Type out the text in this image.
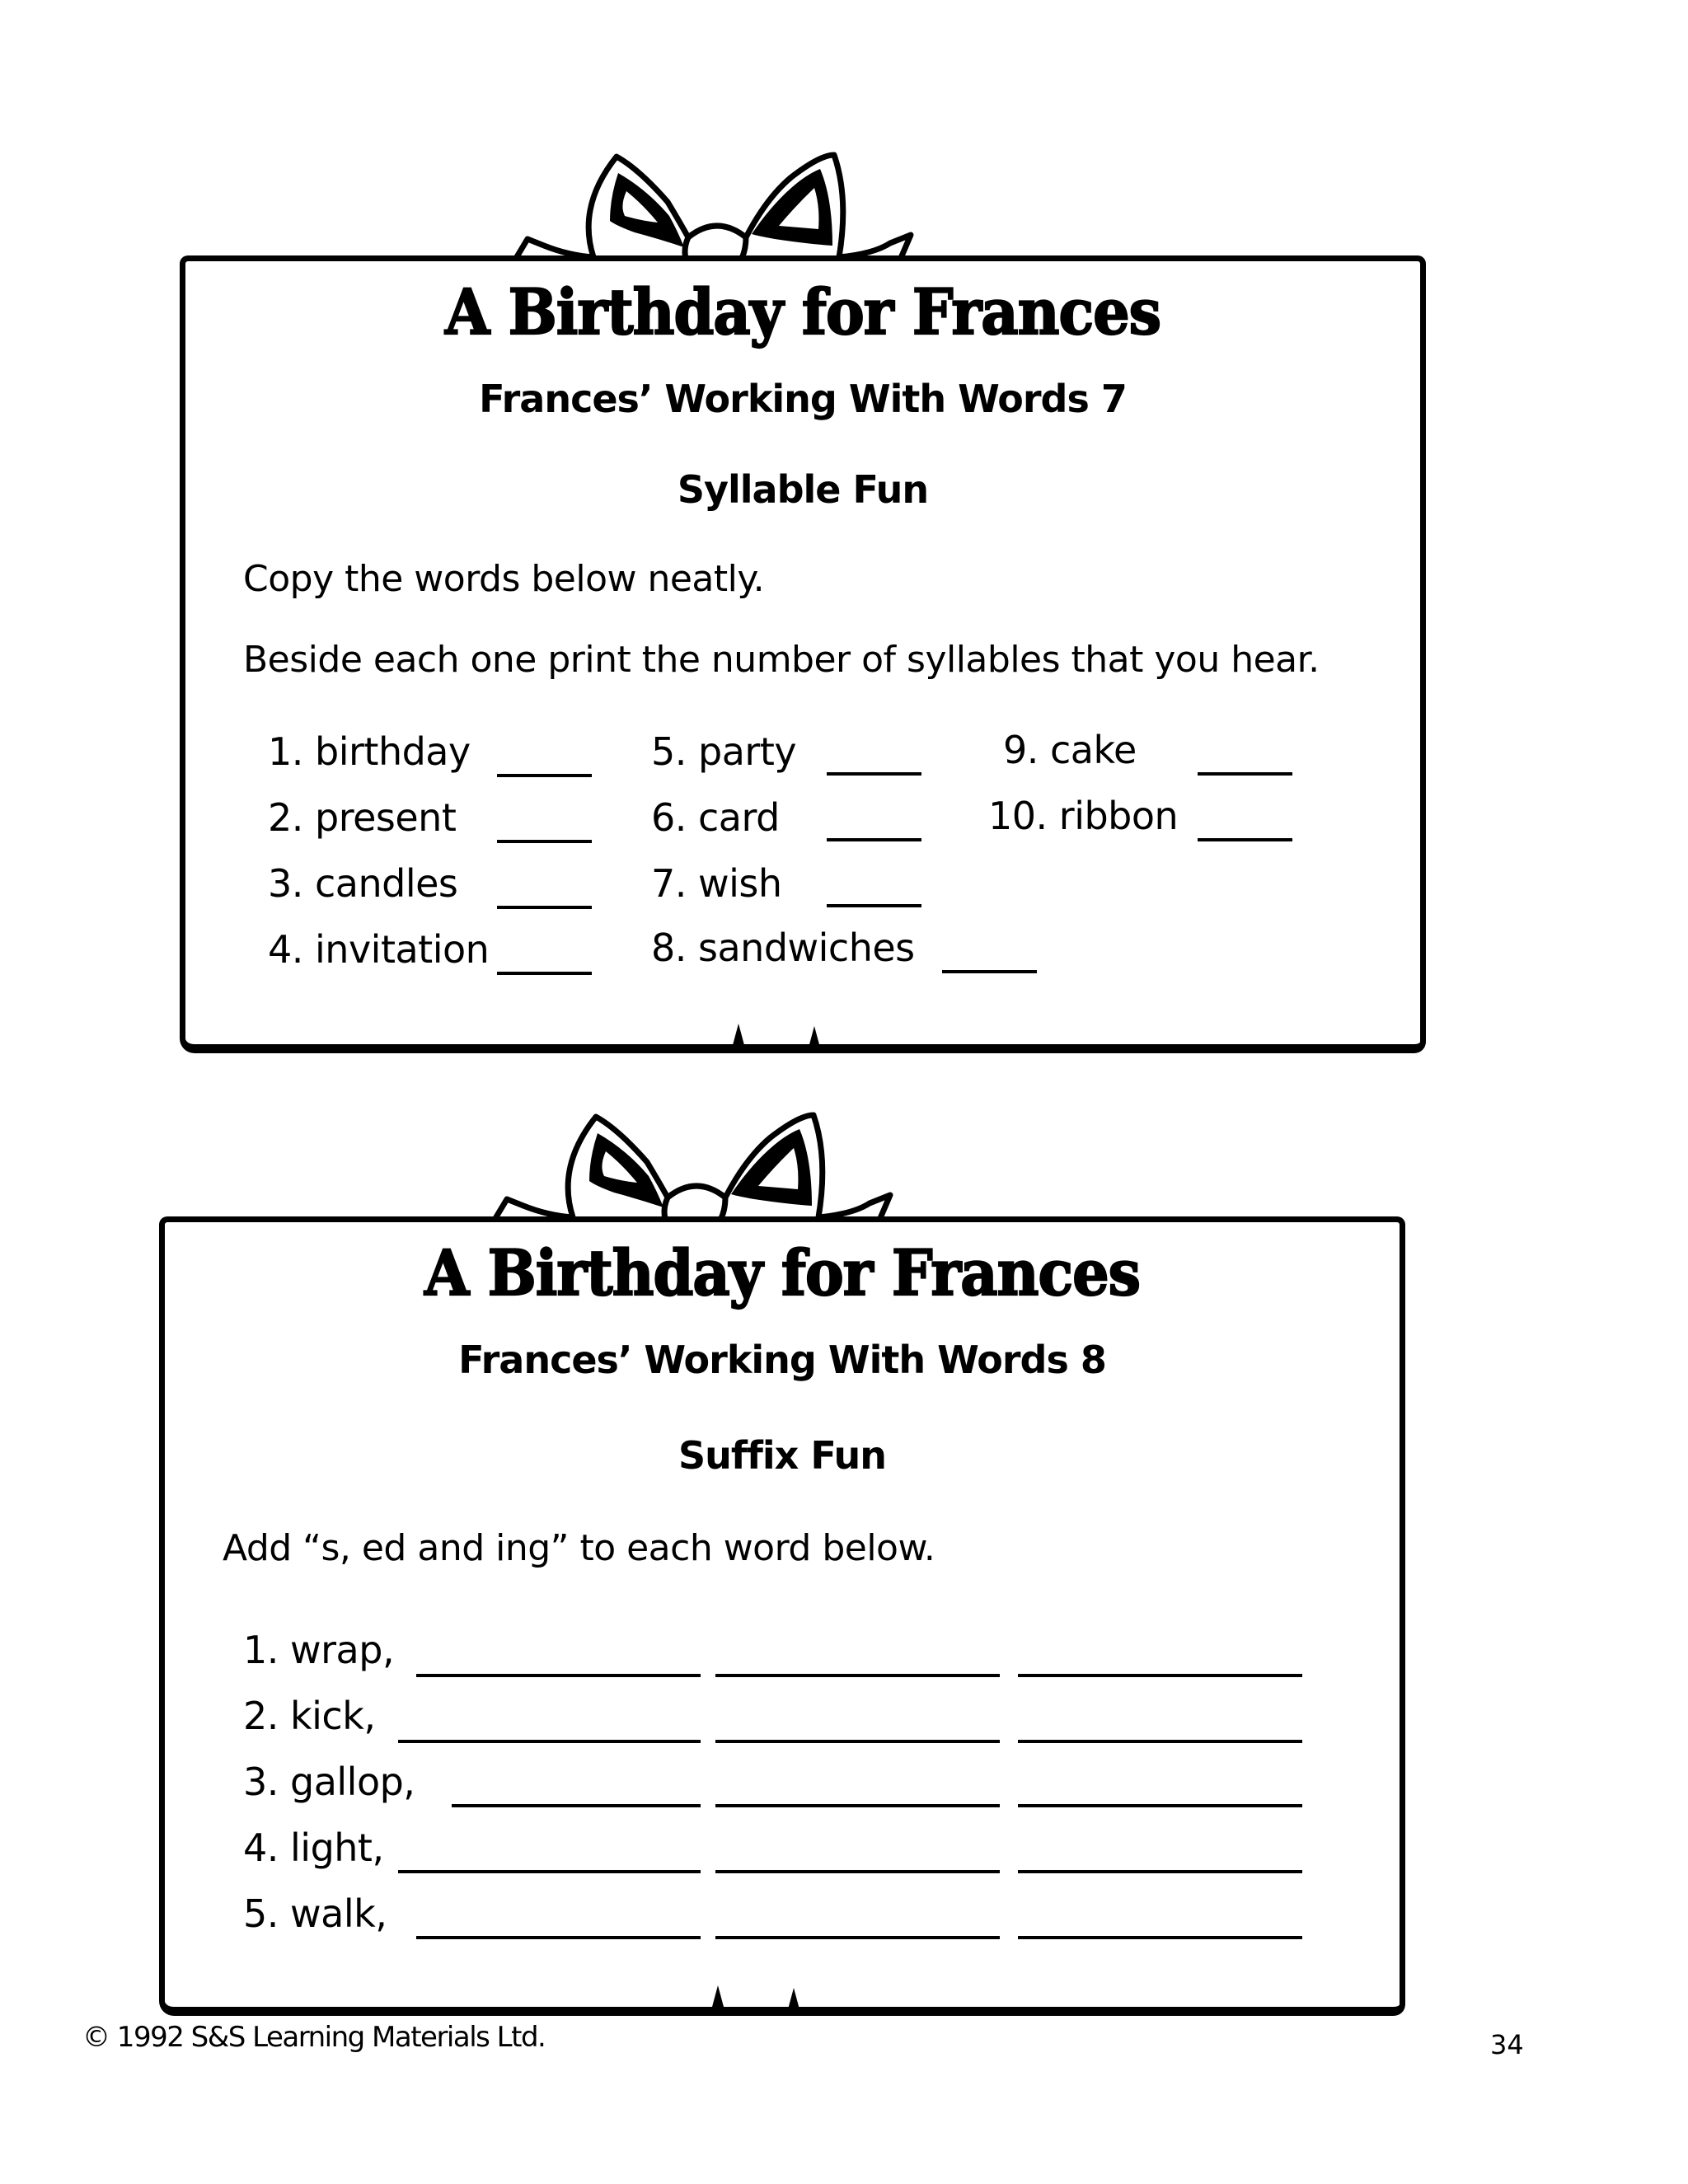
A Birthday for Frances
Frances’ Working With Words 7
Syllable Fun
Copy the words below neatly.
Beside each one print the number of syllables that you hear.
1. birthday
2. present
3. candles
4. invitation
5. party
6. card
7. wish
8. sandwiches
9. cake
10. ribbon
A Birthday for Frances
Frances’ Working With Words 8
Suffix Fun
Add “s, ed and ing” to each word below.
1. wrap,
2. kick,
3. gallop,
4. light,
5. walk,
© 1992 S&S Learning Materials Ltd.	34
